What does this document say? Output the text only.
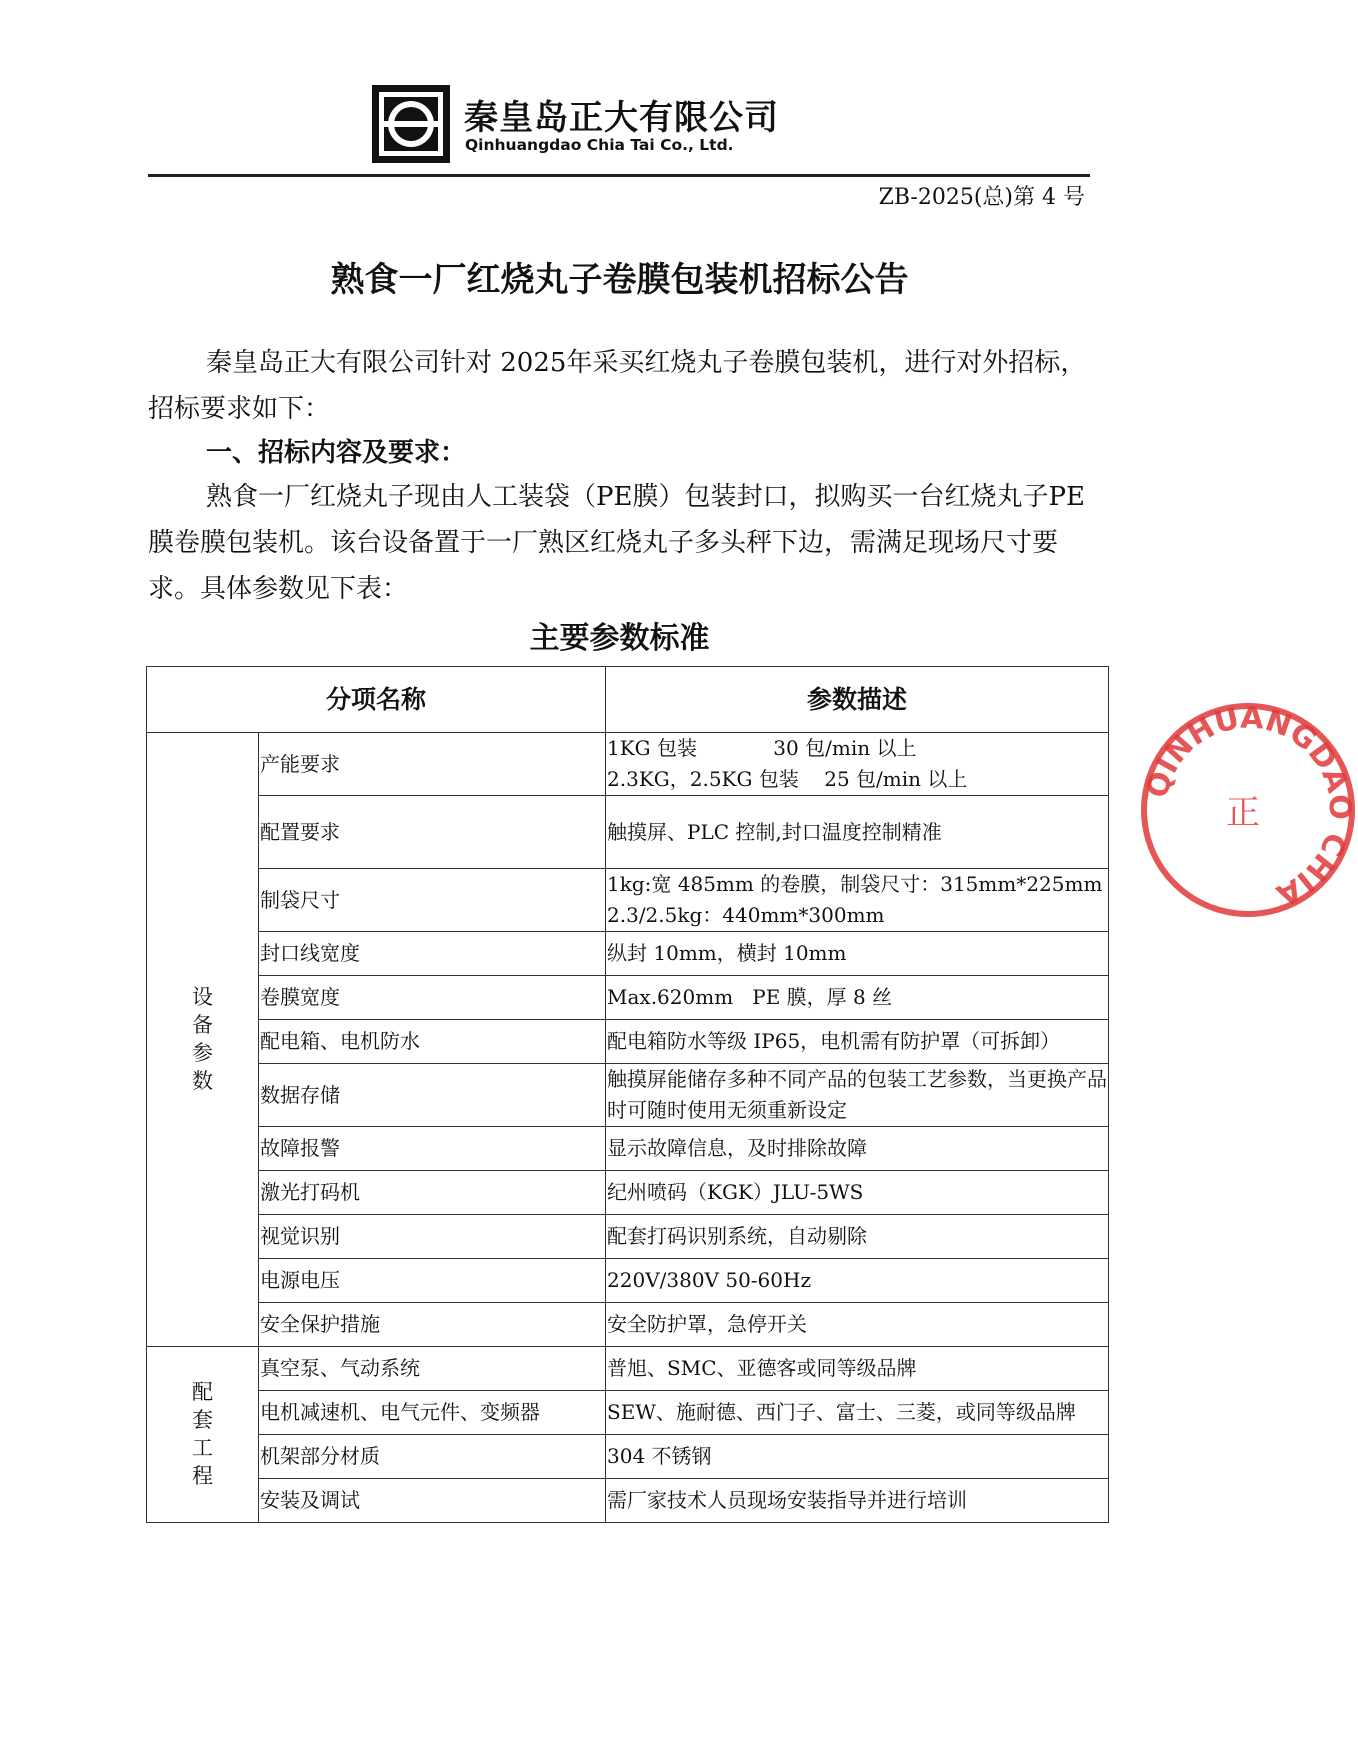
秦皇岛正大有限公司
Qinhuangdao Chia Tai Co., Ltd.
ZB-2025(总)第 4 号
熟食一厂红烧丸子卷膜包装机招标公告
秦皇岛正大有限公司针对 2025年采买红烧丸子卷膜包装机，进行对外招标，招标要求如下：
一、招标内容及要求：
熟食一厂红烧丸子现由人工装袋（PE膜）包装封口，拟购买一台红烧丸子PE膜卷膜包装机。该台设备置于一厂熟区红烧丸子多头秤下边，需满足现场尺寸要求。具体参数见下表：
主要参数标准
分项名称		参数描述
设备参数	产能要求	1KG 包装            30 包/min 以上
2.3KG，2.5KG 包装    25 包/min 以上

	配置要求	触摸屏、PLC 控制,封口温度控制精准

	制袋尺寸	1kg:宽 485mm 的卷膜，制袋尺寸：315mm*225mm
2.3/2.5kg：440mm*300mm

	封口线宽度	纵封 10mm，横封 10mm

	卷膜宽度	Max.620mm   PE 膜，厚 8 丝

	配电箱、电机防水	配电箱防水等级 IP65，电机需有防护罩（可拆卸）

	数据存储	触摸屏能储存多种不同产品的包装工艺参数，当更换产品时可随时使用无须重新设定

	故障报警	显示故障信息，及时排除故障

	激光打码机	纪州喷码（KGK）JLU-5WS

	视觉识别	配套打码识别系统，自动剔除

	电源电压	220V/380V 50-60Hz

	安全保护措施	安全防护罩，急停开关

配套工程	真空泵、气动系统	普旭、SMC、亚德客或同等级品牌

	电机减速机、电气元件、变频器	SEW、施耐德、西门子、富士、三菱，或同等级品牌

	机架部分材质	304 不锈钢

	安装及调试	需厂家技术人员现场安装指导并进行培训
QINHUANGDAO CHIA
正
